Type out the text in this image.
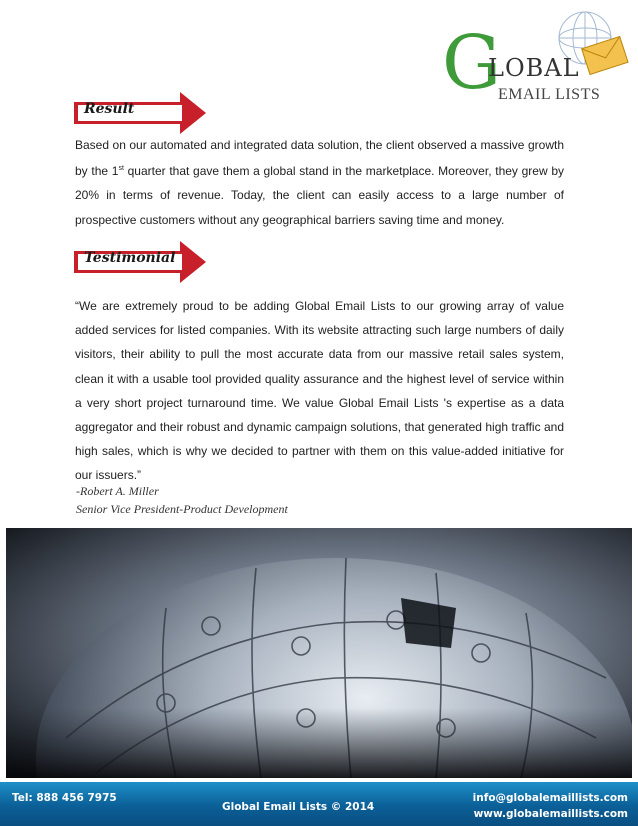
G
LOBAL
EMAIL LISTS
Result

Based on our automated and integrated data solution, the client observed a massive growth by the 1st quarter that gave them a global stand in the marketplace. Moreover, they grew by 20% in terms of revenue. Today, the client can easily access to a large number of prospective customers without any geographical barriers saving time and money.

Testimonial

“We are extremely proud to be adding Global Email Lists to our growing array of value added services for listed companies. With its website attracting such large numbers of daily visitors, their ability to pull the most accurate data from our massive retail sales system, clean it with a usable tool provided quality assurance and the highest level of service within a very short project turnaround time. We value Global Email Lists 's expertise as a data aggregator and their robust and dynamic campaign solutions, that generated high traffic and high sales, which is why we decided to partner with them on this value-added initiative for our issuers.”

-Robert A. Miller
Senior Vice President-Product Development
Tel: 888 456 7975
Global Email Lists © 2014
info@globalemaillists.com
www.globalemaillists.com
